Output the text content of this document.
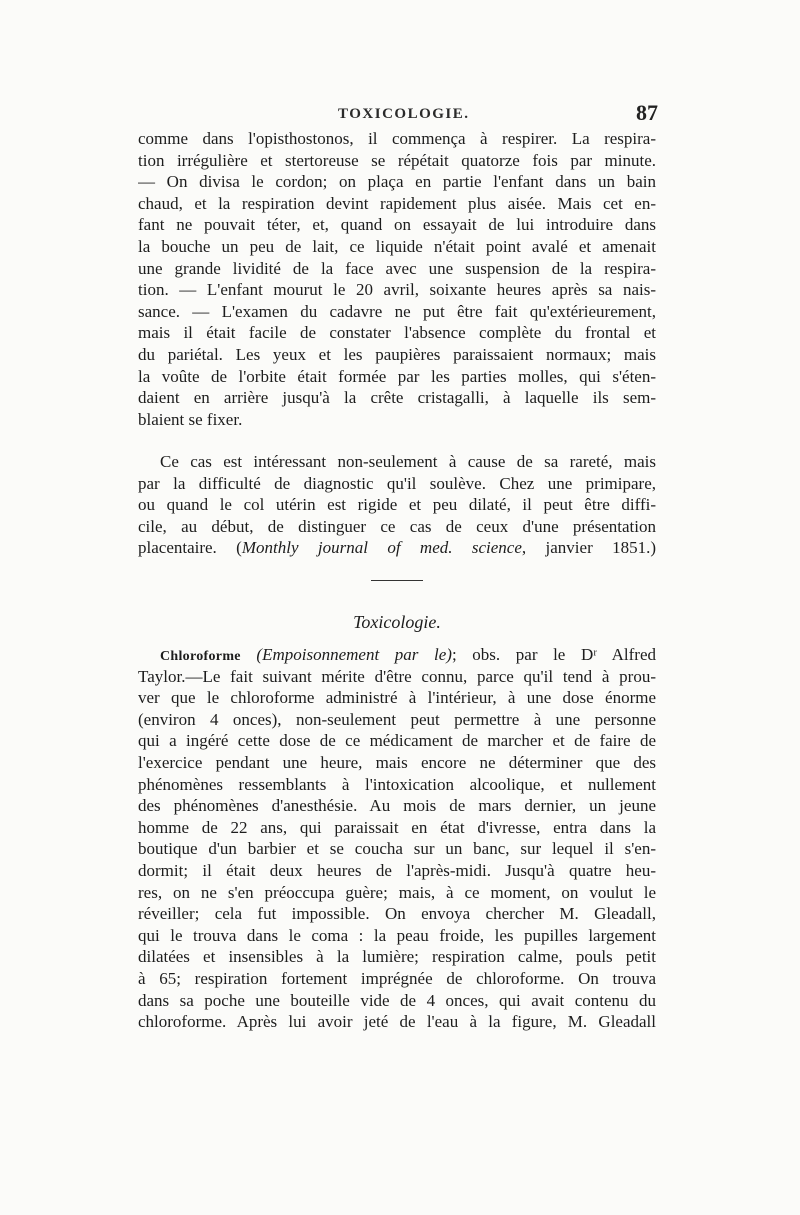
TOXICOLOGIE.	87
comme dans l'opisthostonos, il commença à respirer. La respira-
tion irrégulière et stertoreuse se répétait quatorze fois par minute.
— On divisa le cordon; on plaça en partie l'enfant dans un bain
chaud, et la respiration devint rapidement plus aisée. Mais cet en-
fant ne pouvait téter, et, quand on essayait de lui introduire dans
la bouche un peu de lait, ce liquide n'était point avalé et amenait
une grande lividité de la face avec une suspension de la respira-
tion. — L'enfant mourut le 20 avril, soixante heures après sa nais-
sance. — L'examen du cadavre ne put être fait qu'extérieurement,
mais il était facile de constater l'absence complète du frontal et
du pariétal. Les yeux et les paupières paraissaient normaux; mais
la voûte de l'orbite était formée par les parties molles, qui s'éten-
daient en arrière jusqu'à la crête cristagalli, à laquelle ils sem-
blaient se fixer.
Ce cas est intéressant non-seulement à cause de sa rareté, mais
par la difficulté de diagnostic qu'il soulève. Chez une primipare,
ou quand le col utérin est rigide et peu dilaté, il peut être diffi-
cile, au début, de distinguer ce cas de ceux d'une présentation
placentaire. (Monthly journal of med. science, janvier 1851.)
Toxicologie.
Chloroforme (Empoisonnement par le); obs. par le Dʳ Alfred
Taylor.—Le fait suivant mérite d'être connu, parce qu'il tend à prou-
ver que le chloroforme administré à l'intérieur, à une dose énorme
(environ 4 onces), non-seulement peut permettre à une personne
qui a ingéré cette dose de ce médicament de marcher et de faire de
l'exercice pendant une heure, mais encore ne déterminer que des
phénomènes ressemblants à l'intoxication alcoolique, et nullement
des phénomènes d'anesthésie. Au mois de mars dernier, un jeune
homme de 22 ans, qui paraissait en état d'ivresse, entra dans la
boutique d'un barbier et se coucha sur un banc, sur lequel il s'en-
dormit; il était deux heures de l'après-midi. Jusqu'à quatre heu-
res, on ne s'en préoccupa guère; mais, à ce moment, on voulut le
réveiller; cela fut impossible. On envoya chercher M. Gleadall,
qui le trouva dans le coma : la peau froide, les pupilles largement
dilatées et insensibles à la lumière; respiration calme, pouls petit
à 65; respiration fortement imprégnée de chloroforme. On trouva
dans sa poche une bouteille vide de 4 onces, qui avait contenu du
chloroforme. Après lui avoir jeté de l'eau à la figure, M. Gleadall
